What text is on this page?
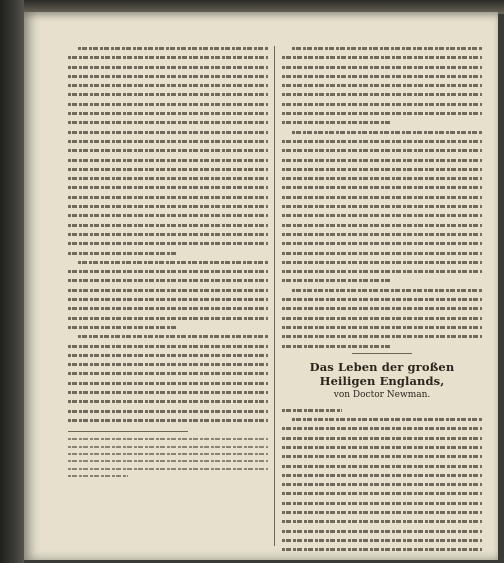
Das Leben der großen Heiligen Englands,
von Doctor Newman.
